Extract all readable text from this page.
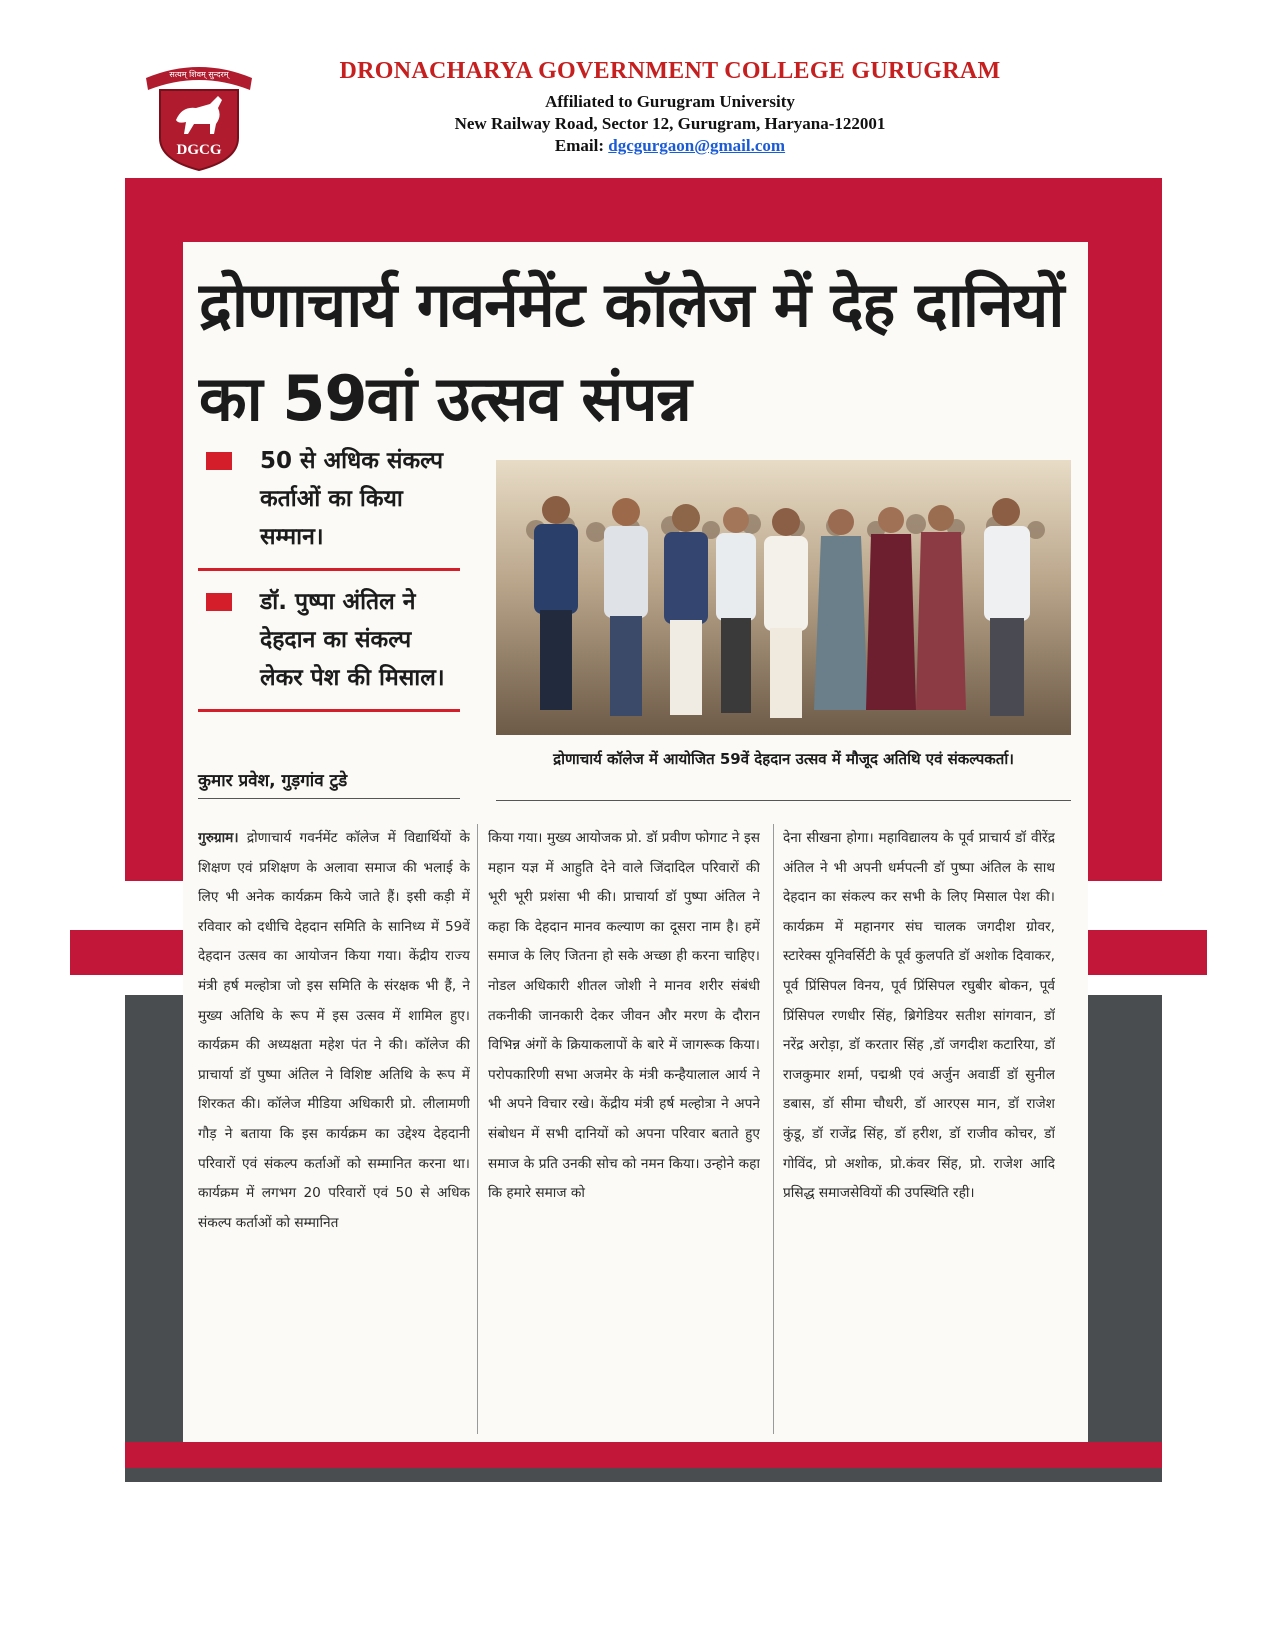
DGCG
सत्यम् शिवम् सुन्दरम्	DRONACHARYA GOVERNMENT COLLEGE GURUGRAM
Affiliated to Gurugram University
New Railway Road, Sector 12, Gurugram, Haryana-122001
Email: dgcgurgaon@gmail.com
द्रोणाचार्य गवर्नमेंट कॉलेज में देह दानियों का 59वां उत्सव संपन्न
50 से अधिक संकल्प कर्ताओं का किया सम्मान।
डॉ. पुष्पा अंतिल ने देहदान का संकल्प लेकर पेश की मिसाल।
कुमार प्रवेश, गुड़गांव टुडे
द्रोणाचार्य कॉलेज में आयोजित 59वें देहदान उत्सव में मौजूद अतिथि एवं संकल्पकर्ता।
गुरुग्राम। द्रोणाचार्य गवर्नमेंट कॉलेज में विद्यार्थियों के शिक्षण एवं प्रशिक्षण के अलावा समाज की भलाई के लिए भी अनेक कार्यक्रम किये जाते हैं। इसी कड़ी में रविवार को दधीचि देहदान समिति के सानिध्य में 59वें देहदान उत्सव का आयोजन किया गया। केंद्रीय राज्य मंत्री हर्ष मल्होत्रा जो इस समिति के संरक्षक भी हैं, ने मुख्य अतिथि के रूप में इस उत्सव में शामिल हुए। कार्यक्रम की अध्यक्षता महेश पंत ने की। कॉलेज की प्राचार्या डॉ पुष्पा अंतिल ने विशिष्ट अतिथि के रूप में शिरकत की। कॉलेज मीडिया अधिकारी प्रो. लीलामणी गौड़ ने बताया कि इस कार्यक्रम का उद्देश्य देहदानी परिवारों एवं संकल्प कर्ताओं को सम्मानित करना था। कार्यक्रम में लगभग 20 परिवारों एवं 50 से अधिक संकल्प कर्ताओं को सम्मानित
किया गया। मुख्य आयोजक प्रो. डॉ प्रवीण फोगाट ने इस महान यज्ञ में आहुति देने वाले जिंदादिल परिवारों की भूरी भूरी प्रशंसा भी की। प्राचार्या डॉ पुष्पा अंतिल ने कहा कि देहदान मानव कल्याण का दूसरा नाम है। हमें समाज के लिए जितना हो सके अच्छा ही करना चाहिए। नोडल अधिकारी शीतल जोशी ने मानव शरीर संबंधी तकनीकी जानकारी देकर जीवन और मरण के दौरान विभिन्न अंगों के क्रियाकलापों के बारे में जागरूक किया। परोपकारिणी सभा अजमेर के मंत्री कन्हैयालाल आर्य ने भी अपने विचार रखे। केंद्रीय मंत्री हर्ष मल्होत्रा ने अपने संबोधन में सभी दानियों को अपना परिवार बताते हुए समाज के प्रति उनकी सोच को नमन किया। उन्होने कहा कि हमारे समाज को
देना सीखना होगा। महाविद्यालय के पूर्व प्राचार्य डॉ वीरेंद्र अंतिल ने भी अपनी धर्मपत्नी डॉ पुष्पा अंतिल के साथ देहदान का संकल्प कर सभी के लिए मिसाल पेश की। कार्यक्रम में महानगर संघ चालक जगदीश ग्रोवर, स्टारेक्स यूनिवर्सिटी के पूर्व कुलपति डॉ अशोक दिवाकर, पूर्व प्रिंसिपल विनय, पूर्व प्रिंसिपल रघुबीर बोकन, पूर्व प्रिंसिपल रणधीर सिंह, ब्रिगेडियर सतीश सांगवान, डॉ नरेंद्र अरोड़ा, डॉ करतार सिंह ,डॉ जगदीश कटारिया, डॉ राजकुमार शर्मा, पद्मश्री एवं अर्जुन अवार्डी डॉ सुनील डबास, डॉ सीमा चौधरी, डॉ आरएस मान, डॉ राजेश कुंडू, डॉ राजेंद्र सिंह, डॉ हरीश, डॉ राजीव कोचर, डॉ गोविंद, प्रो अशोक, प्रो.कंवर सिंह, प्रो. राजेश आदि प्रसिद्ध समाजसेवियों की उपस्थिति रही।
